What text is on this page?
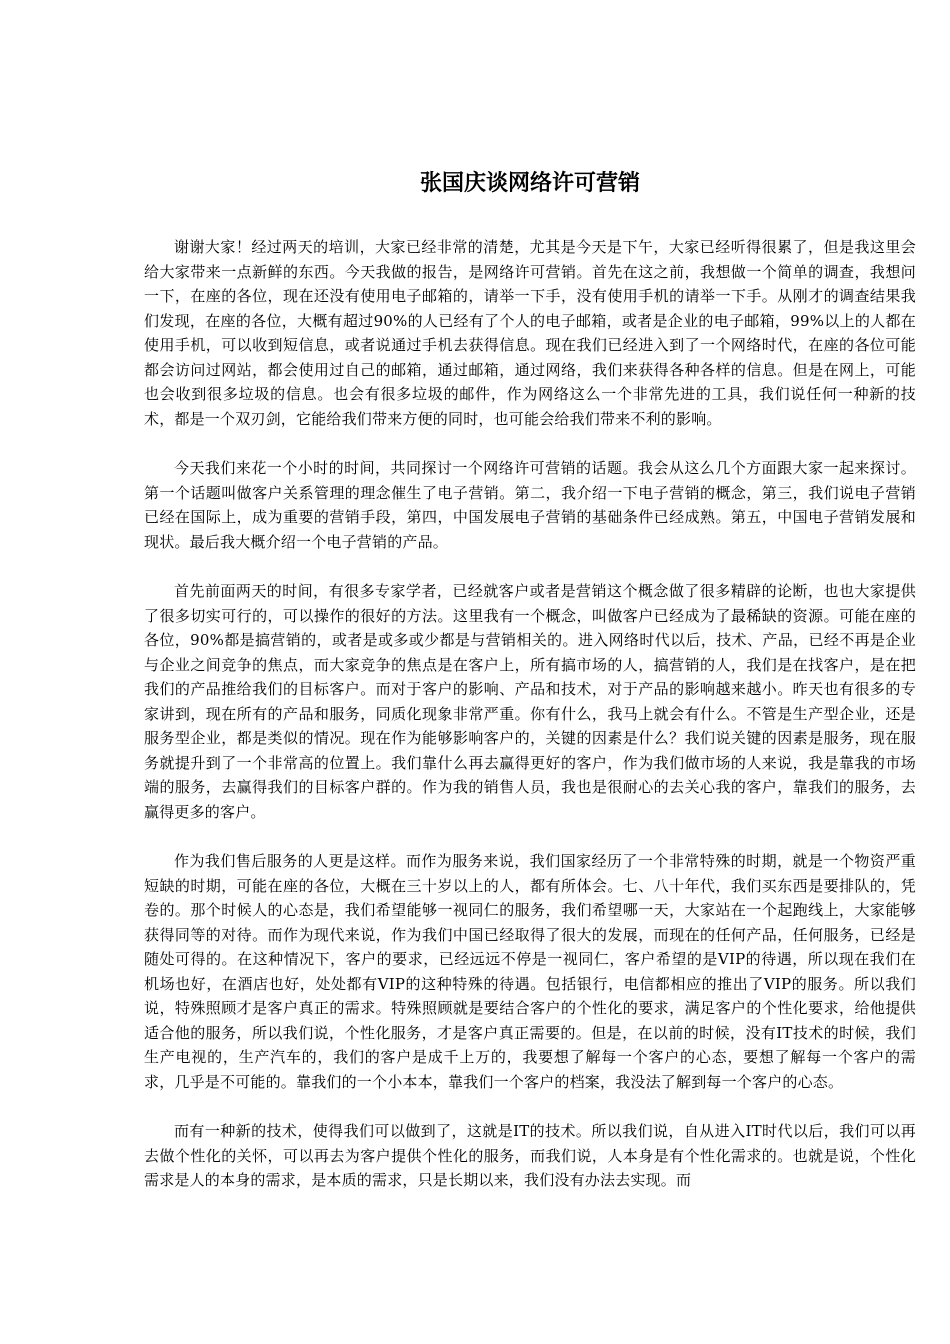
张国庆谈网络许可营销

谢谢大家！经过两天的培训，大家已经非常的清楚，尤其是今天是下午，大家已经听得很累了，但是我这里会给大家带来一点新鲜的东西。今天我做的报告，是网络许可营销。首先在这之前，我想做一个简单的调查，我想问一下，在座的各位，现在还没有使用电子邮箱的，请举一下手，没有使用手机的请举一下手。从刚才的调查结果我们发现，在座的各位，大概有超过90%的人已经有了个人的电子邮箱，或者是企业的电子邮箱，99%以上的人都在使用手机，可以收到短信息，或者说通过手机去获得信息。现在我们已经进入到了一个网络时代，在座的各位可能都会访问过网站，都会使用过自己的邮箱，通过邮箱，通过网络，我们来获得各种各样的信息。但是在网上，可能也会收到很多垃圾的信息。也会有很多垃圾的邮件，作为网络这么一个非常先进的工具，我们说任何一种新的技术，都是一个双刃剑，它能给我们带来方便的同时，也可能会给我们带来不利的影响。

今天我们来花一个小时的时间，共同探讨一个网络许可营销的话题。我会从这么几个方面跟大家一起来探讨。第一个话题叫做客户关系管理的理念催生了电子营销。第二，我介绍一下电子营销的概念，第三，我们说电子营销已经在国际上，成为重要的营销手段，第四，中国发展电子营销的基础条件已经成熟。第五，中国电子营销发展和现状。最后我大概介绍一个电子营销的产品。

首先前面两天的时间，有很多专家学者，已经就客户或者是营销这个概念做了很多精辟的论断，也也大家提供了很多切实可行的，可以操作的很好的方法。这里我有一个概念，叫做客户已经成为了最稀缺的资源。可能在座的各位，90%都是搞营销的，或者是或多或少都是与营销相关的。进入网络时代以后，技术、产品，已经不再是企业与企业之间竞争的焦点，而大家竞争的焦点是在客户上，所有搞市场的人，搞营销的人，我们是在找客户，是在把我们的产品推给我们的目标客户。而对于客户的影响、产品和技术，对于产品的影响越来越小。昨天也有很多的专家讲到，现在所有的产品和服务，同质化现象非常严重。你有什么，我马上就会有什么。不管是生产型企业，还是服务型企业，都是类似的情况。现在作为能够影响客户的，关键的因素是什么？我们说关键的因素是服务，现在服务就提升到了一个非常高的位置上。我们靠什么再去赢得更好的客户，作为我们做市场的人来说，我是靠我的市场端的服务，去赢得我们的目标客户群的。作为我的销售人员，我也是很耐心的去关心我的客户，靠我们的服务，去赢得更多的客户。

作为我们售后服务的人更是这样。而作为服务来说，我们国家经历了一个非常特殊的时期，就是一个物资严重短缺的时期，可能在座的各位，大概在三十岁以上的人，都有所体会。七、八十年代，我们买东西是要排队的，凭卷的。那个时候人的心态是，我们希望能够一视同仁的服务，我们希望哪一天，大家站在一个起跑线上，大家能够获得同等的对待。而作为现代来说，作为我们中国已经取得了很大的发展，而现在的任何产品，任何服务，已经是随处可得的。在这种情况下，客户的要求，已经远远不停是一视同仁，客户希望的是VIP的待遇，所以现在我们在机场也好，在酒店也好，处处都有VIP的这种特殊的待遇。包括银行，电信都相应的推出了VIP的服务。所以我们说，特殊照顾才是客户真正的需求。特殊照顾就是要结合客户的个性化的要求，满足客户的个性化要求，给他提供适合他的服务，所以我们说，个性化服务，才是客户真正需要的。但是，在以前的时候，没有IT技术的时候，我们生产电视的，生产汽车的，我们的客户是成千上万的，我要想了解每一个客户的心态，要想了解每一个客户的需求，几乎是不可能的。靠我们的一个小本本，靠我们一个客户的档案，我没法了解到每一个客户的心态。

而有一种新的技术，使得我们可以做到了，这就是IT的技术。所以我们说，自从进入IT时代以后，我们可以再去做个性化的关怀，可以再去为客户提供个性化的服务，而我们说，人本身是有个性化需求的。也就是说，个性化需求是人的本身的需求，是本质的需求，只是长期以来，我们没有办法去实现。而
